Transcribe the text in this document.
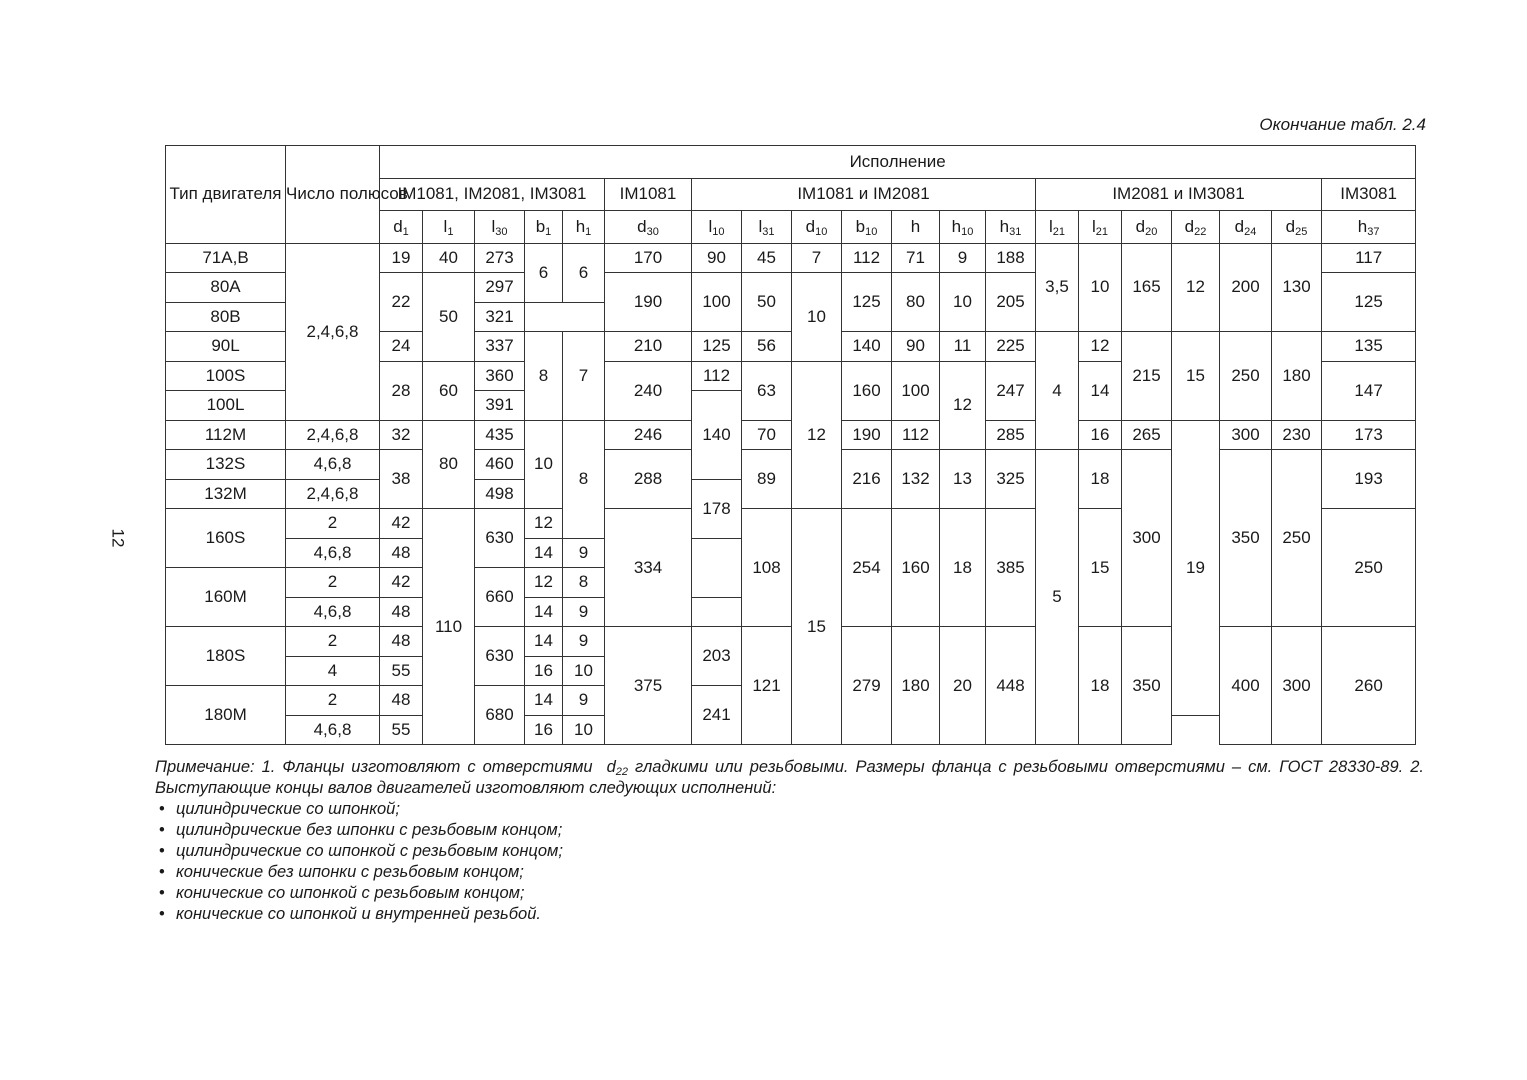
Окончание табл. 2.4
12
Тип двигателя	Число полюсов	Исполнение																			
		IM1081, IM2081, IM3081					IM1081	IM1081 и IM2081							IM2081 и IM3081						IM3081
		$d_1$	$l_1$	$l_{30}$	$b_1$	$h_1$	$d_{30}$	$l_{10}$	$l_{31}$	$d_{10}$	$b_{10}$	h	$h_{10}$	$h_{31}$	$l_{21}$	$l_{21}$	$d_{20}$	$d_{22}$	$d_{24}$	$d_{25}$	$h_{37}$
71A,B	2,4,6,8	19	40	273	6	6	170	90	45	7	112	71	9	188	3,5	10	165	12	200	130	117
80A		22	50	297			190	100	50	10	125	80	10	205							125
80B				321																	
90L		24		337	8	7	210	125	56		140	90	11	225	4	12	215	15	250	180	135
100S		28	60	360			240	112	63	12	160	100	12	247		14					147
100L				391				140													
112M	2,4,6,8	32	80	435	10	8	246		70		190	112		285		16	265	19	300	230	173
132S	4,6,8	38		460			288		89		216	132	13	325	5	18	300		350	250	193
132M	2,4,6,8			498				178													
160S	2	42	110	630	12		334		108	15	254	160	18	385		15					250
	4,6,8	48			14	9															
160M	2	42		660	12	8															
	4,6,8	48			14	9															
180S	2	48		630	14	9	375	203	121		279	180	20	448		18	350		400	300	260
	4	55			16	10															
180M	2	48		680	14	9		241													
	4,6,8	55			16	10															

Примечание: 1. Фланцы изготовляют с отверстиями $d_{22}$ гладкими или резьбовыми. Размеры фланца с резьбовыми отверстиями – см. ГОСТ 28330-89. 2. Выступающие концы валов двигателей изготовляют следующих исполнений:

• цилиндрические со шпонкой;
• цилиндрические без шпонки с резьбовым концом;
• цилиндрические со шпонкой с резьбовым концом;
• конические без шпонки с резьбовым концом;
• конические со шпонкой с резьбовым концом;
• конические со шпонкой и внутренней резьбой.
